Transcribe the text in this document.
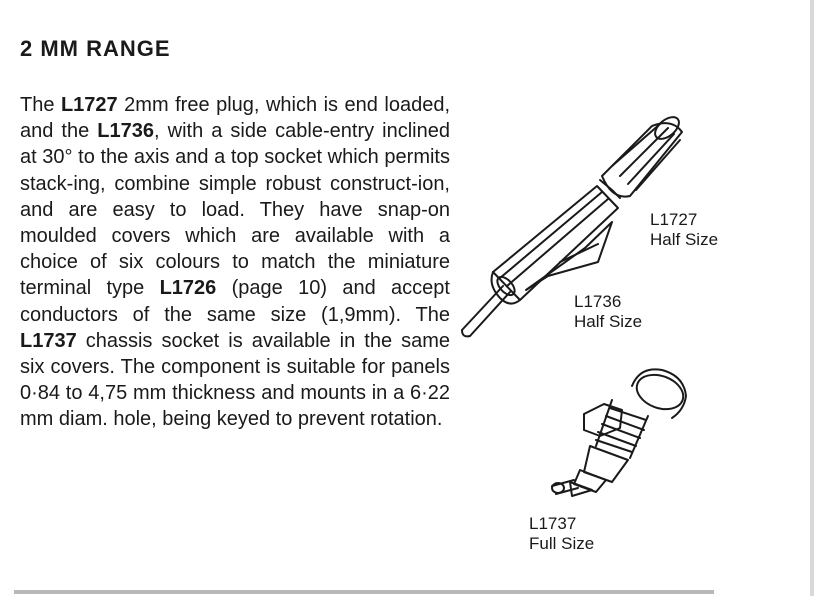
2 MM RANGE

The L1727 2mm free plug, which is end loaded, and the L1736, with a side cable-entry inclined at 30° to the axis and a top socket which permits stack-ing, combine simple robust construct-ion, and are easy to load. They have snap-on moulded covers which are available with a choice of six colours to match the miniature terminal type L1726 (page 10) and accept conductors of the same size (1,9mm). The L1737 chassis socket is available in the same six covers. The component is suitable for panels 0·84 to 4,75 mm thickness and mounts in a 6·22 mm diam. hole, being keyed to prevent rotation.

L1727
Half Size
L1736
Half Size
L1737
Full Size
